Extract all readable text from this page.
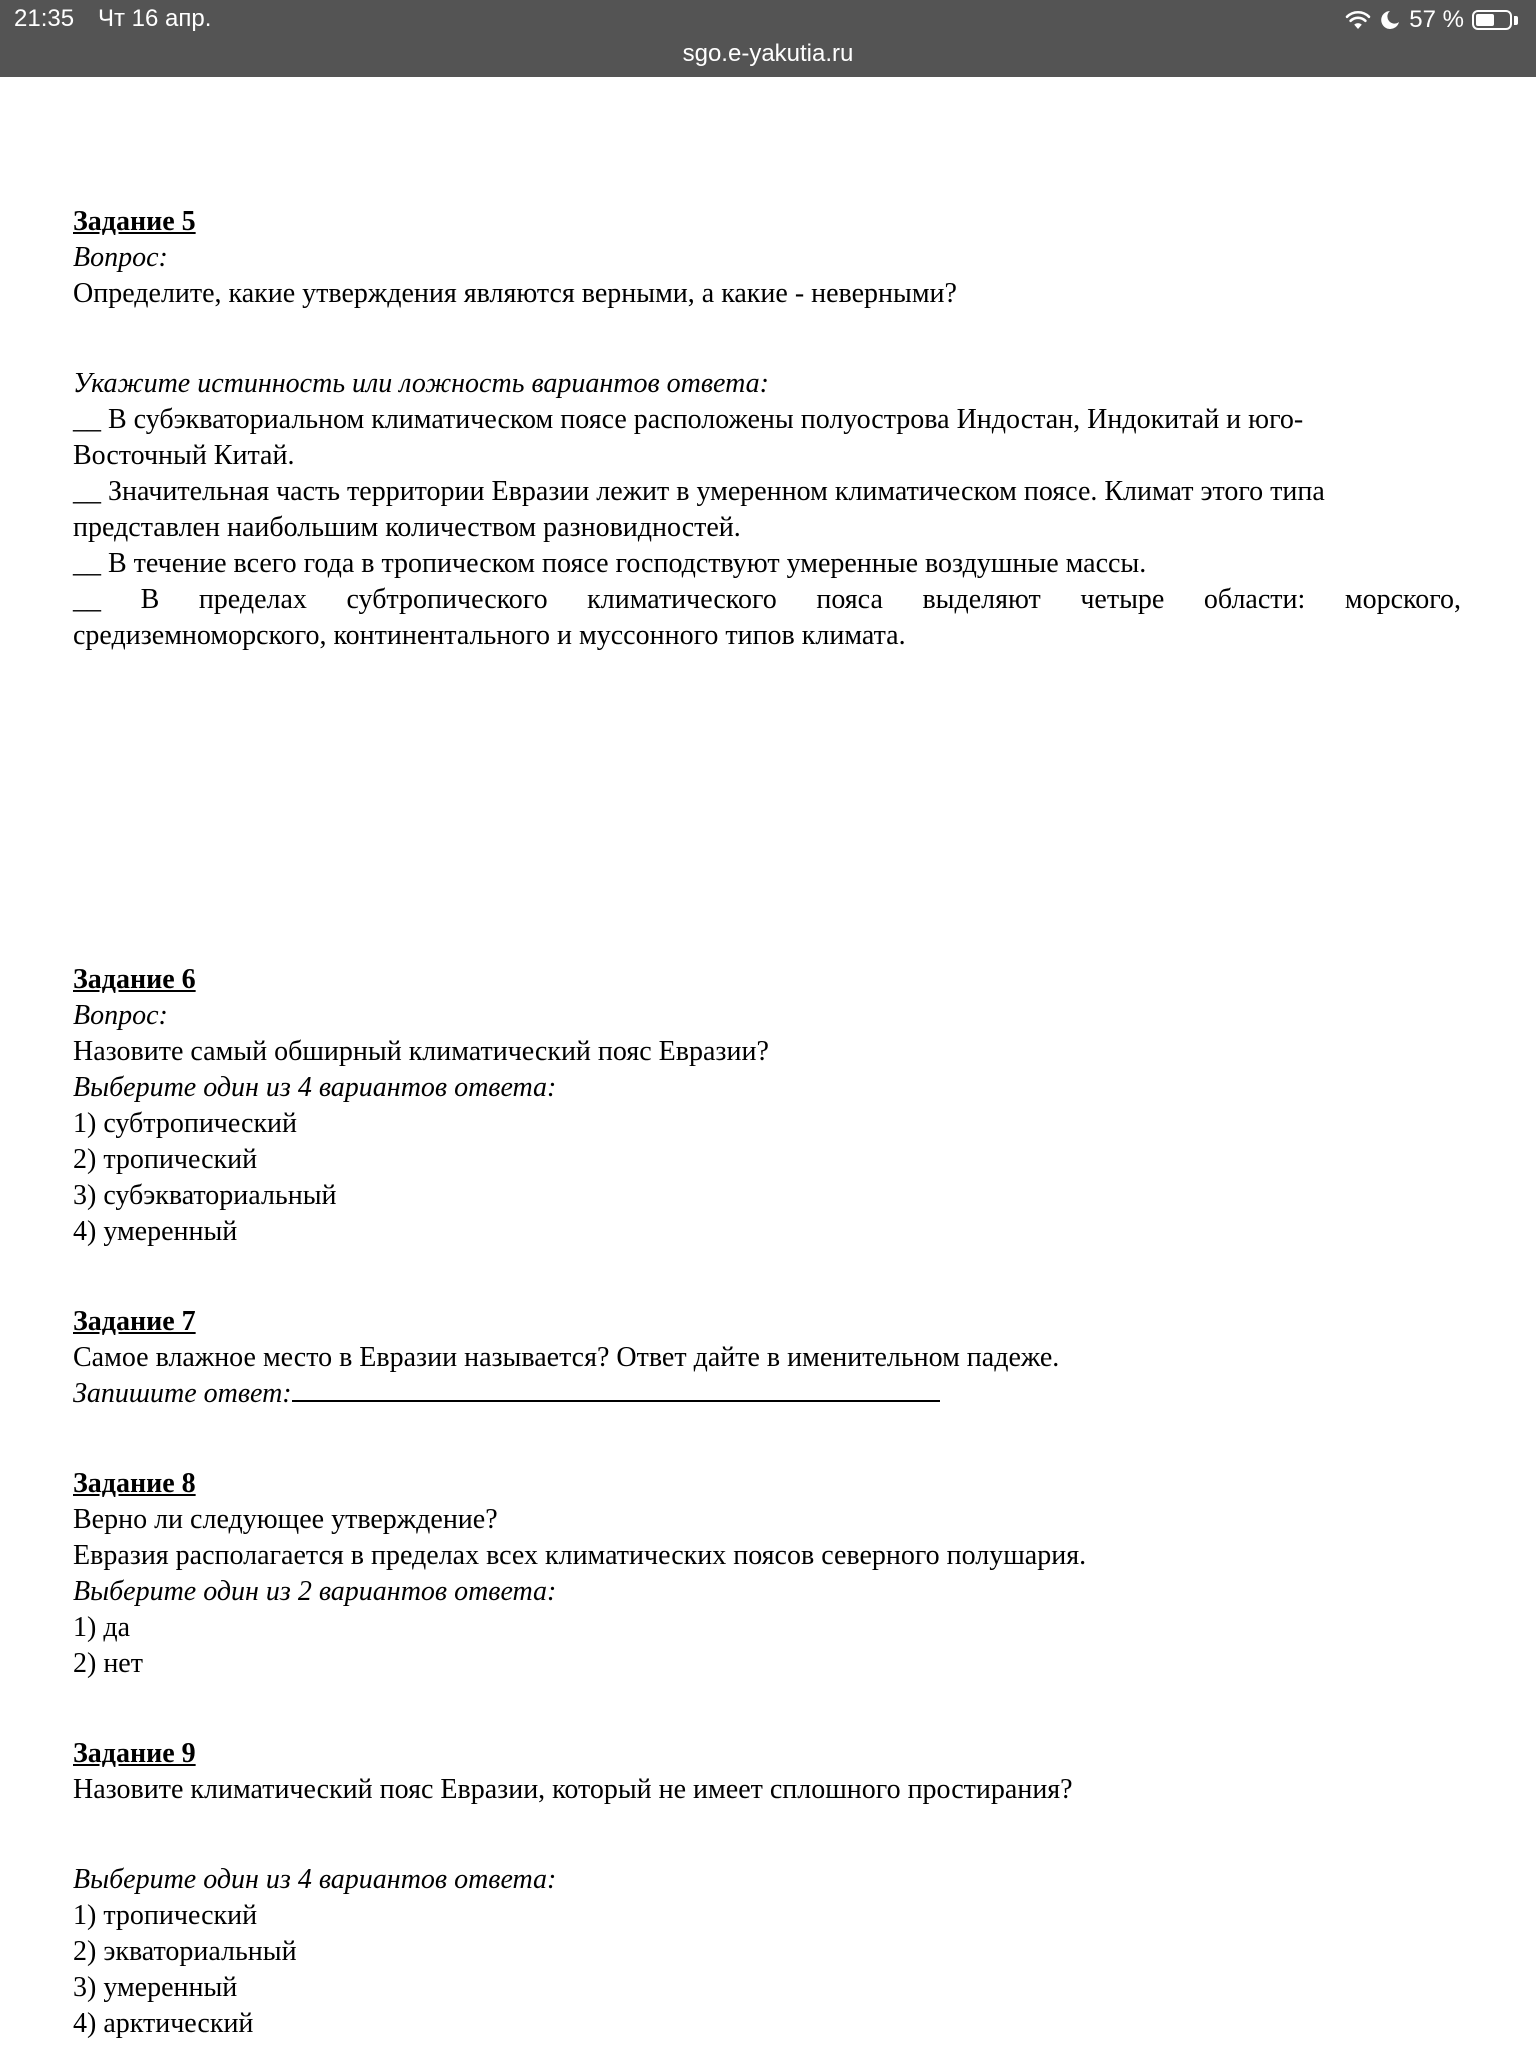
21:35 Чт 16 апр.	57 %
sgo.e-yakutia.ru
Задание 5
Вопрос:
Определите, какие утверждения являются верными, а какие - неверными?
Укажите истинность или ложность вариантов ответа:
__ В субэкваториальном климатическом поясе расположены полуострова Индостан, Индокитай и юго-
Восточный Китай.
__ Значительная часть территории Евразии лежит в умеренном климатическом поясе. Климат этого типа
представлен наибольшим количеством разновидностей.
__ В течение всего года в тропическом поясе господствуют умеренные воздушные массы.
__ В пределах субтропического климатического пояса выделяют четыре области: морского,
средиземноморского, континентального и муссонного типов климата.
Задание 6
Вопрос:
Назовите самый обширный климатический пояс Евразии?
Выберите один из 4 вариантов ответа:
1) субтропический
2) тропический
3) субэкваториальный
4) умеренный
Задание 7
Самое влажное место в Евразии называется? Ответ дайте в именительном падеже.
Запишите ответ:
Задание 8
Верно ли следующее утверждение?
Евразия располагается в пределах всех климатических поясов северного полушария.
Выберите один из 2 вариантов ответа:
1) да
2) нет
Задание 9
Назовите климатический пояс Евразии, который не имеет сплошного простирания?
Выберите один из 4 вариантов ответа:
1) тропический
2) экваториальный
3) умеренный
4) арктический
